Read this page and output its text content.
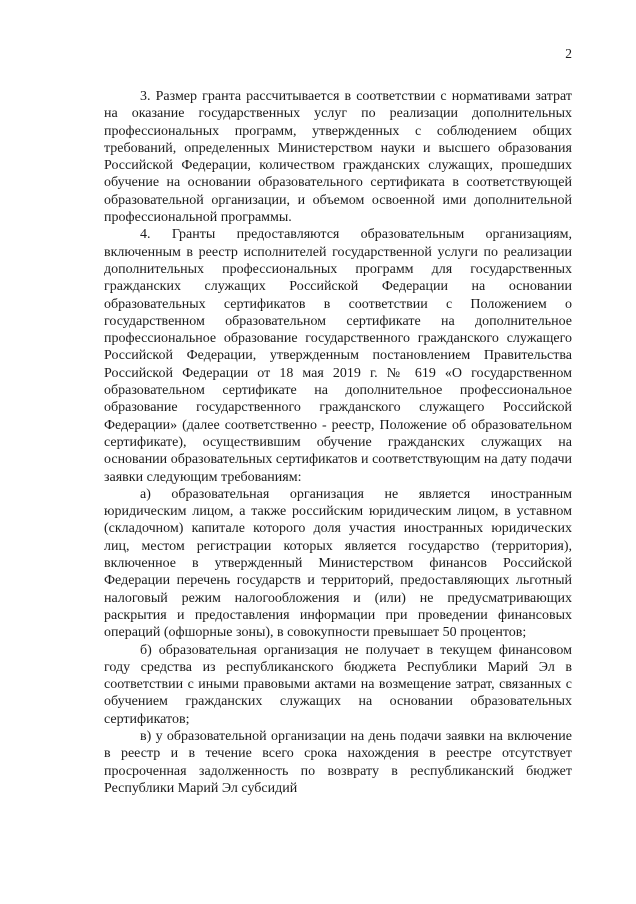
2

3. Размер гранта рассчитывается в соответствии с нормативами затрат на оказание государственных услуг по реализации дополнительных профессиональных программ, утвержденных с соблюдением общих требований, определенных Министерством науки и высшего образования Российской Федерации, количеством гражданских служащих, прошедших обучение на основании образовательного сертификата в соответствующей образовательной организации, и объемом освоенной ими дополнительной профессиональной программы.

4. Гранты предоставляются образовательным организациям, включенным в реестр исполнителей государственной услуги по реализации дополнительных профессиональных программ для государственных гражданских служащих Российской Федерации на основании образовательных сертификатов в соответствии с Положением о государственном образовательном сертификате на дополнительное профессиональное образование государственного гражданского служащего Российской Федерации, утвержденным постановлением Правительства Российской Федерации от 18 мая 2019 г. № 619 «О государственном образовательном сертификате на дополнительное профессиональное образование государственного гражданского служащего Российской Федерации» (далее соответственно - реестр, Положение об образовательном сертификате), осуществившим обучение гражданских служащих на основании образовательных сертификатов и соответствующим на дату подачи заявки следующим требованиям:

а) образовательная организация не является иностранным юридическим лицом, а также российским юридическим лицом, в уставном (складочном) капитале которого доля участия иностранных юридических лиц, местом регистрации которых является государство (территория), включенное в утвержденный Министерством финансов Российской Федерации перечень государств и территорий, предоставляющих льготный налоговый режим налогообложения и (или) не предусматривающих раскрытия и предоставления информации при проведении финансовых операций (офшорные зоны), в совокупности превышает 50 процентов;

б) образовательная организация не получает в текущем финансовом году средства из республиканского бюджета Республики Марий Эл в соответствии с иными правовыми актами на возмещение затрат, связанных с обучением гражданских служащих на основании образовательных сертификатов;

в) у образовательной организации на день подачи заявки на включение в реестр и в течение всего срока нахождения в реестре отсутствует просроченная задолженность по возврату в республиканский бюджет Республики Марий Эл субсидий
